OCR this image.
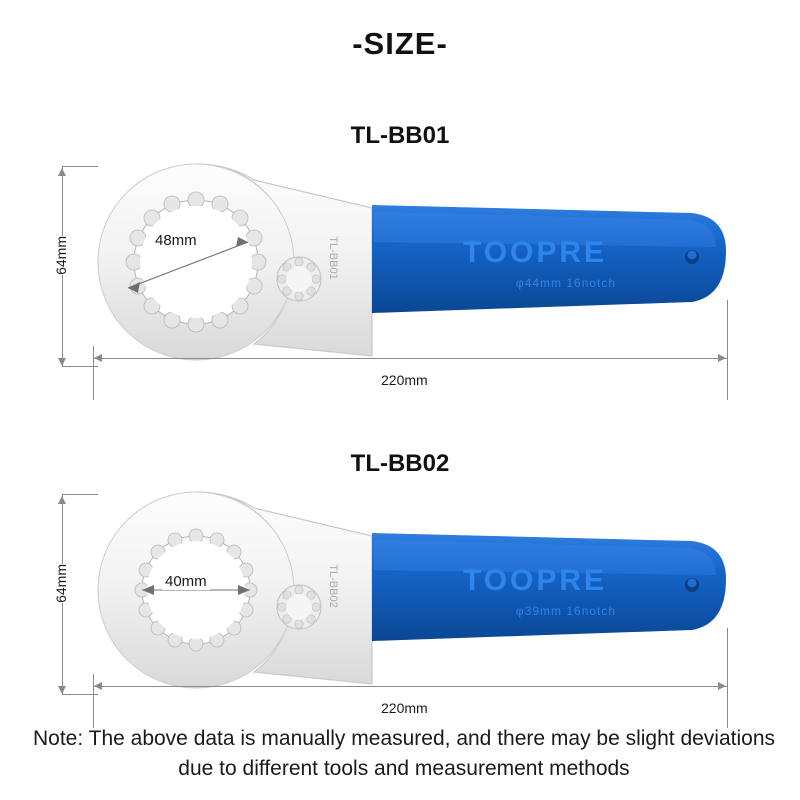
-SIZE-
TL-BB01
64mm	TOOPRE
φ44mm 16notch
TL-BB01
48mm
220mm
TL-BB02
64mm	TOOPRE
φ39mm 16notch
TL-BB02
40mm
220mm
Note: The above data is manually measured, and there may be slight deviations due to different tools and measurement methods
